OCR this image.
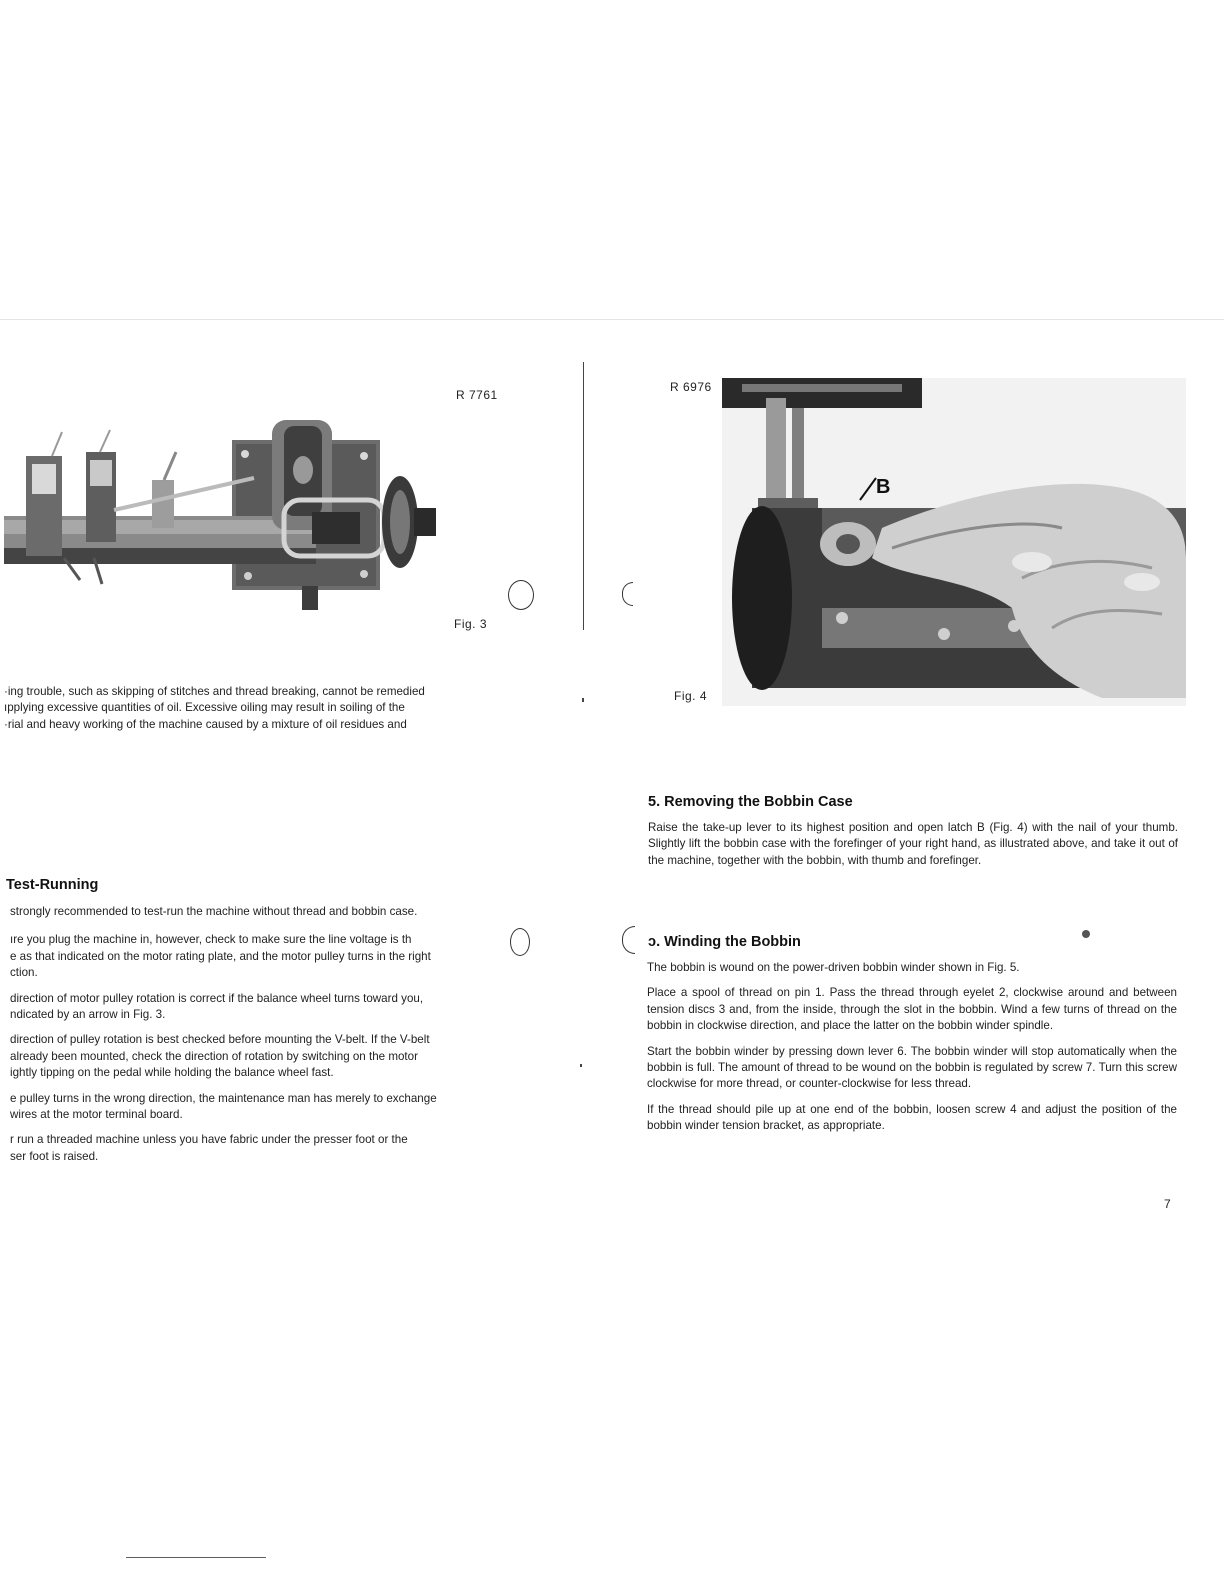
R 7761
Fig. 3

·ing trouble, such as skipping of stitches and thread breaking, cannot be remedied

ıpplying excessive quantities of oil. Excessive oiling may result in soiling of the

·rial and heavy working of the machine caused by a mixture of oil residues and

Test-Running

strongly recommended to test-run the machine without thread and bobbin case.

ıre you plug the machine in, however, check to make sure the line voltage is th

e as that indicated on the motor rating plate, and the motor pulley turns in the right

ction.

direction of motor pulley rotation is correct if the balance wheel turns toward you,

ndicated by an arrow in Fig. 3.

direction of pulley rotation is best checked before mounting the V-belt. If the V-belt

already been mounted, check the direction of rotation by switching on the motor

ightly tipping on the pedal while holding the balance wheel fast.

e pulley turns in the wrong direction, the maintenance man has merely to exchange

wires at the motor terminal board.

r run a threaded machine unless you have fabric under the presser foot or the

ser foot is raised.

R 6976
B
Fig. 4
5. Removing the Bobbin Case

Raise the take-up lever to its highest position and open latch B (Fig. 4) with the nail of your thumb. Slightly lift the bobbin case with the forefinger of your right hand, as illustrated above, and take it out of the machine, together with the bobbin, with thumb and forefinger.

ɔ. Winding the Bobbin

The bobbin is wound on the power-driven bobbin winder shown in Fig. 5.

Place a spool of thread on pin 1. Pass the thread through eyelet 2, clockwise around and between tension discs 3 and, from the inside, through the slot in the bobbin. Wind a few turns of thread on the bobbin in clockwise direction, and place the latter on the bobbin winder spindle.

Start the bobbin winder by pressing down lever 6. The bobbin winder will stop automatically when the bobbin is full. The amount of thread to be wound on the bobbin is regulated by screw 7. Turn this screw clockwise for more thread, or counter-clockwise for less thread.

If the thread should pile up at one end of the bobbin, loosen screw 4 and adjust the position of the bobbin winder tension bracket, as appropriate.

7
